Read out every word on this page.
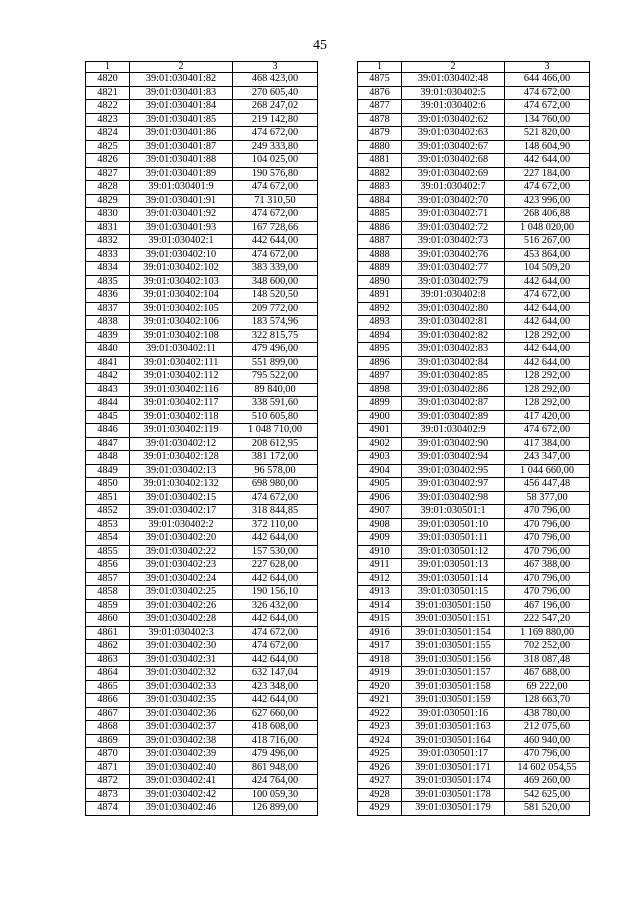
45
1	2	3
4820	39:01:030401:82	468 423,00
4821	39:01:030401:83	270 605,40
4822	39:01:030401:84	268 247,02
4823	39:01:030401:85	219 142,80
4824	39:01:030401:86	474 672,00
4825	39:01:030401:87	249 333,80
4826	39:01:030401:88	104 025,00
4827	39:01:030401:89	190 576,80
4828	39:01:030401:9	474 672,00
4829	39:01:030401:91	71 310,50
4830	39:01:030401:92	474 672,00
4831	39:01:030401:93	167 728,66
4832	39:01:030402:1	442 644,00
4833	39:01:030402:10	474 672,00
4834	39:01:030402:102	383 339,00
4835	39:01:030402:103	348 600,00
4836	39:01:030402:104	148 520,50
4837	39:01:030402:105	209 772,00
4838	39:01:030402:106	183 574,96
4839	39:01:030402:108	322 815,75
4840	39:01:030402:11	479 496,00
4841	39:01:030402:111	551 899,00
4842	39:01:030402:112	795 522,00
4843	39:01:030402:116	89 840,00
4844	39:01:030402:117	338 591,60
4845	39:01:030402:118	510 605,80
4846	39:01:030402:119	1 048 710,00
4847	39:01:030402:12	208 612,95
4848	39:01:030402:128	381 172,00
4849	39:01:030402:13	96 578,00
4850	39:01:030402:132	698 980,00
4851	39:01:030402:15	474 672,00
4852	39:01:030402:17	318 844,85
4853	39:01:030402:2	372 110,00
4854	39:01:030402:20	442 644,00
4855	39:01:030402:22	157 530,00
4856	39:01:030402:23	227 628,00
4857	39:01:030402:24	442 644,00
4858	39:01:030402:25	190 156,10
4859	39:01:030402:26	326 432,00
4860	39:01:030402:28	442 644,00
4861	39:01:030402:3	474 672,00
4862	39:01:030402:30	474 672,00
4863	39:01:030402:31	442 644,00
4864	39:01:030402:32	632 147,04
4865	39:01:030402:33	423 348,00
4866	39:01:030402:35	442 644,00
4867	39:01:030402:36	627 660,00
4868	39:01:030402:37	418 608,00
4869	39:01:030402:38	418 716,00
4870	39:01:030402:39	479 496,00
4871	39:01:030402:40	861 948,00
4872	39:01:030402:41	424 764,00
4873	39:01:030402:42	100 059,30
4874	39:01:030402:46	126 899,00
1	2	3
4875	39:01:030402:48	644 466,00
4876	39:01:030402:5	474 672,00
4877	39:01:030402:6	474 672,00
4878	39:01:030402:62	134 760,00
4879	39:01:030402:63	521 820,00
4880	39:01:030402:67	148 604,90
4881	39:01:030402:68	442 644,00
4882	39:01:030402:69	227 184,00
4883	39:01:030402:7	474 672,00
4884	39:01:030402:70	423 996,00
4885	39:01:030402:71	268 406,88
4886	39:01:030402:72	1 048 020,00
4887	39:01:030402:73	516 267,00
4888	39:01:030402:76	453 864,00
4889	39:01:030402:77	104 509,20
4890	39:01:030402:79	442 644,00
4891	39:01:030402:8	474 672,00
4892	39:01:030402:80	442 644,00
4893	39:01:030402:81	442 644,00
4894	39:01:030402:82	128 292,00
4895	39:01:030402:83	442 644,00
4896	39:01:030402:84	442 644,00
4897	39:01:030402:85	128 292,00
4898	39:01:030402:86	128 292,00
4899	39:01:030402:87	128 292,00
4900	39:01:030402:89	417 420,00
4901	39:01:030402:9	474 672,00
4902	39:01:030402:90	417 384,00
4903	39:01:030402:94	243 347,00
4904	39:01:030402:95	1 044 660,00
4905	39:01:030402:97	456 447,48
4906	39:01:030402:98	58 377,00
4907	39:01:030501:1	470 796,00
4908	39:01:030501:10	470 796,00
4909	39:01:030501:11	470 796,00
4910	39:01:030501:12	470 796,00
4911	39:01:030501:13	467 388,00
4912	39:01:030501:14	470 796,00
4913	39:01:030501:15	470 796,00
4914	39:01:030501:150	467 196,00
4915	39:01:030501:151	222 547,20
4916	39:01:030501:154	1 169 880,00
4917	39:01:030501:155	702 252,00
4918	39:01:030501:156	318 087,48
4919	39:01:030501:157	467 688,00
4920	39:01:030501:158	69 222,00
4921	39:01:030501:159	128 663,70
4922	39:01:030501:16	438 780,00
4923	39:01:030501:163	212 075,60
4924	39:01:030501:164	460 940,00
4925	39:01:030501:17	470 796,00
4926	39:01:030501:171	14 602 054,55
4927	39:01:030501:174	469 260,00
4928	39:01:030501:178	542 625,00
4929	39:01:030501:179	581 520,00
